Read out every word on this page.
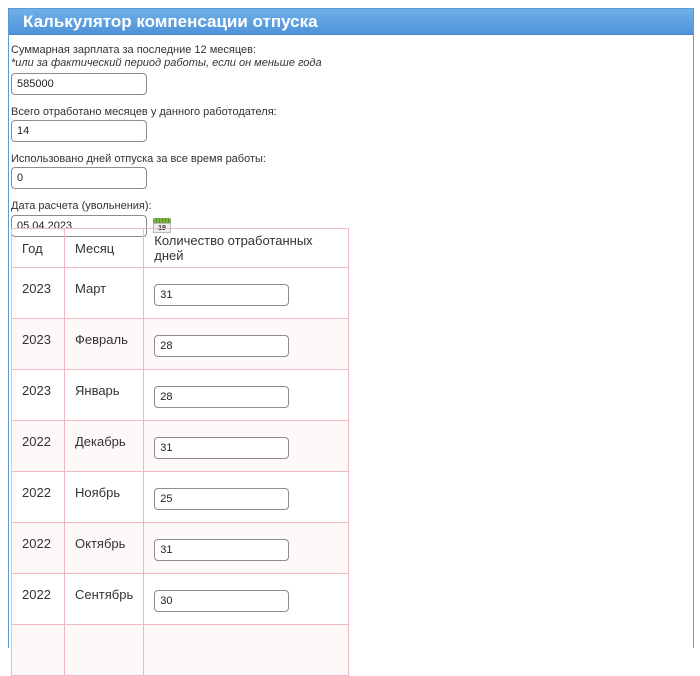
Калькулятор компенсации отпуска
Суммарная зарплата за последние 12 месяцев:
*или за фактический период работы, если он меньше года
585000
Всего отработано месяцев у данного работодателя:
14
Использовано дней отпуска за все время работы:
0
Дата расчета (увольнения):
05.04.2023
19
Год	Месяц	Количество отработанных дней
2023	Март	31
2023	Февраль	28
2023	Январь	28
2022	Декабрь	31
2022	Ноябрь	25
2022	Октябрь	31
2022	Сентябрь	30
